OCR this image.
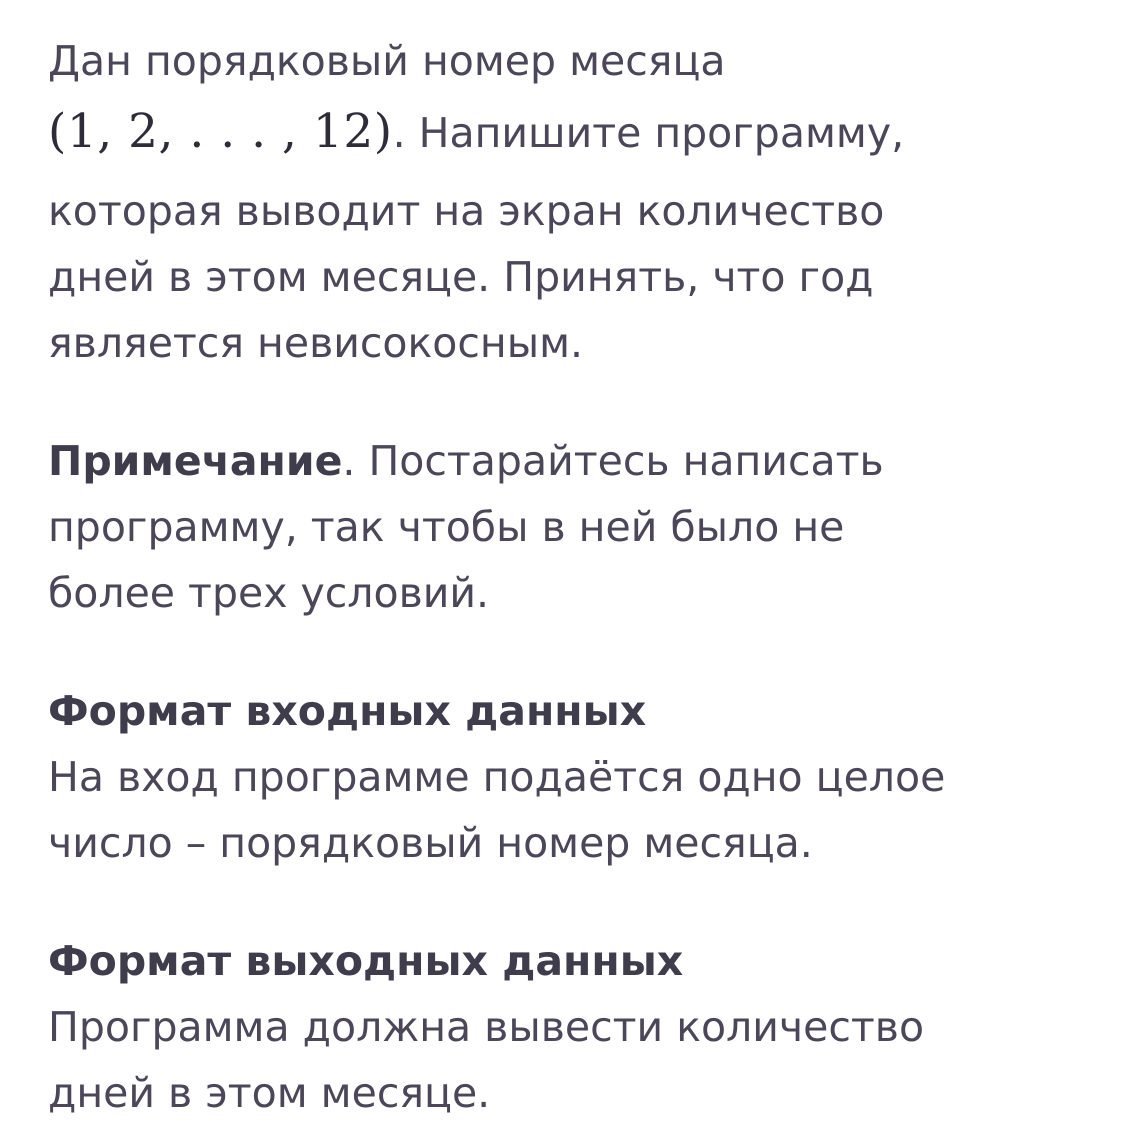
Дан порядковый номер месяца
(1, 2, . . . , 12). Напишите программу,
которая выводит на экран количество
дней в этом месяце. Принять, что год
является невисокосным.
Примечание. Постарайтесь написать
программу, так чтобы в ней было не
более трех условий.
Формат входных данных
На вход программе подаётся одно целое
число – порядковый номер месяца.
Формат выходных данных
Программа должна вывести количество
дней в этом месяце.
